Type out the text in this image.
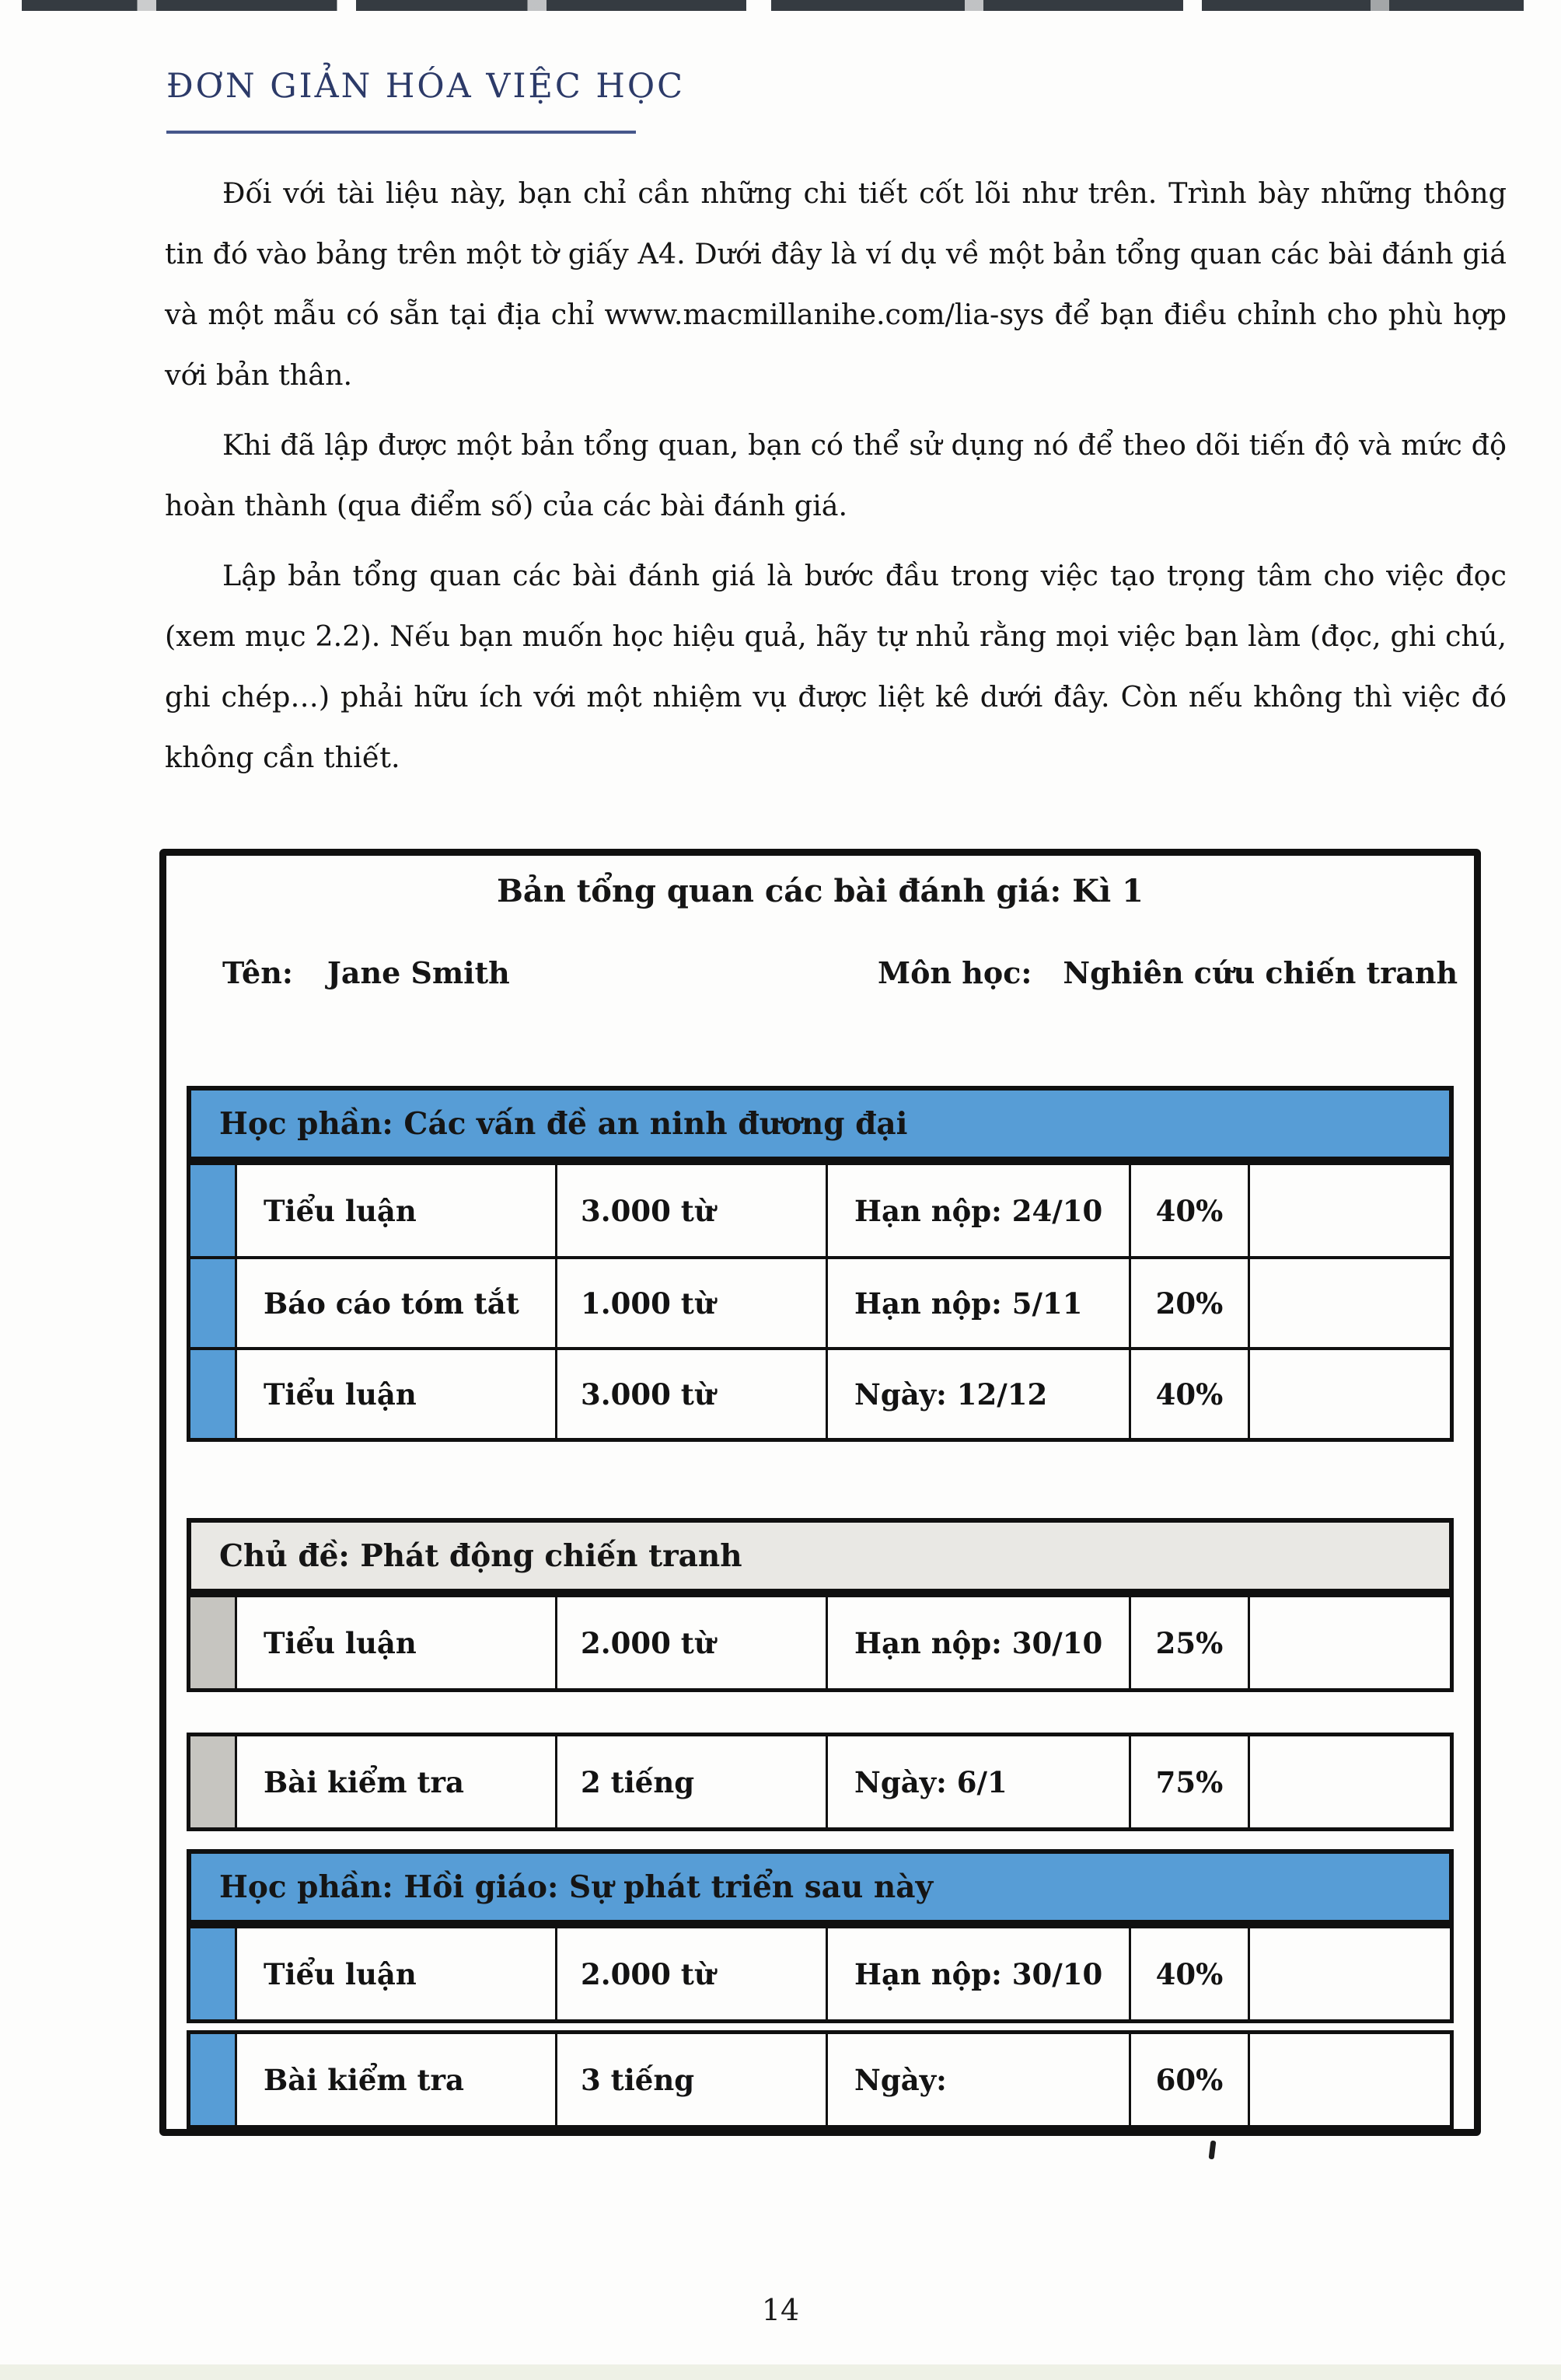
ĐƠN GIẢN HÓA VIỆC HỌC
Đối với tài liệu này, bạn chỉ cần những chi tiết cốt lõi như trên. Trình bày những thông tin đó vào bảng trên một tờ giấy A4. Dưới đây là ví dụ về một bản tổng quan các bài đánh giá và một mẫu có sẵn tại địa chỉ www.macmillanihe.com/lia-sys để bạn điều chỉnh cho phù hợp với bản thân.
Khi đã lập được một bản tổng quan, bạn có thể sử dụng nó để theo dõi tiến độ và mức độ hoàn thành (qua điểm số) của các bài đánh giá.
Lập bản tổng quan các bài đánh giá là bước đầu trong việc tạo trọng tâm cho việc đọc (xem mục 2.2). Nếu bạn muốn học hiệu quả, hãy tự nhủ rằng mọi việc bạn làm (đọc, ghi chú, ghi chép…) phải hữu ích với một nhiệm vụ được liệt kê dưới đây. Còn nếu không thì việc đó không cần thiết.
Bản tổng quan các bài đánh giá: Kì 1
Tên: Jane Smith	Môn học: Nghiên cứu chiến tranh
Học phần: Các vấn đề an ninh đương đại
Tiểu luận	3.000 từ	Hạn nộp: 24/10	40%
Báo cáo tóm tắt	1.000 từ	Hạn nộp: 5/11	20%
Tiểu luận	3.000 từ	Ngày: 12/12	40%
Chủ đề: Phát động chiến tranh
Tiểu luận	2.000 từ	Hạn nộp: 30/10	25%
Bài kiểm tra	2 tiếng	Ngày: 6/1	75%
Học phần: Hồi giáo: Sự phát triển sau này
Tiểu luận	2.000 từ	Hạn nộp: 30/10	40%
Bài kiểm tra	3 tiếng	Ngày:	60%
14
